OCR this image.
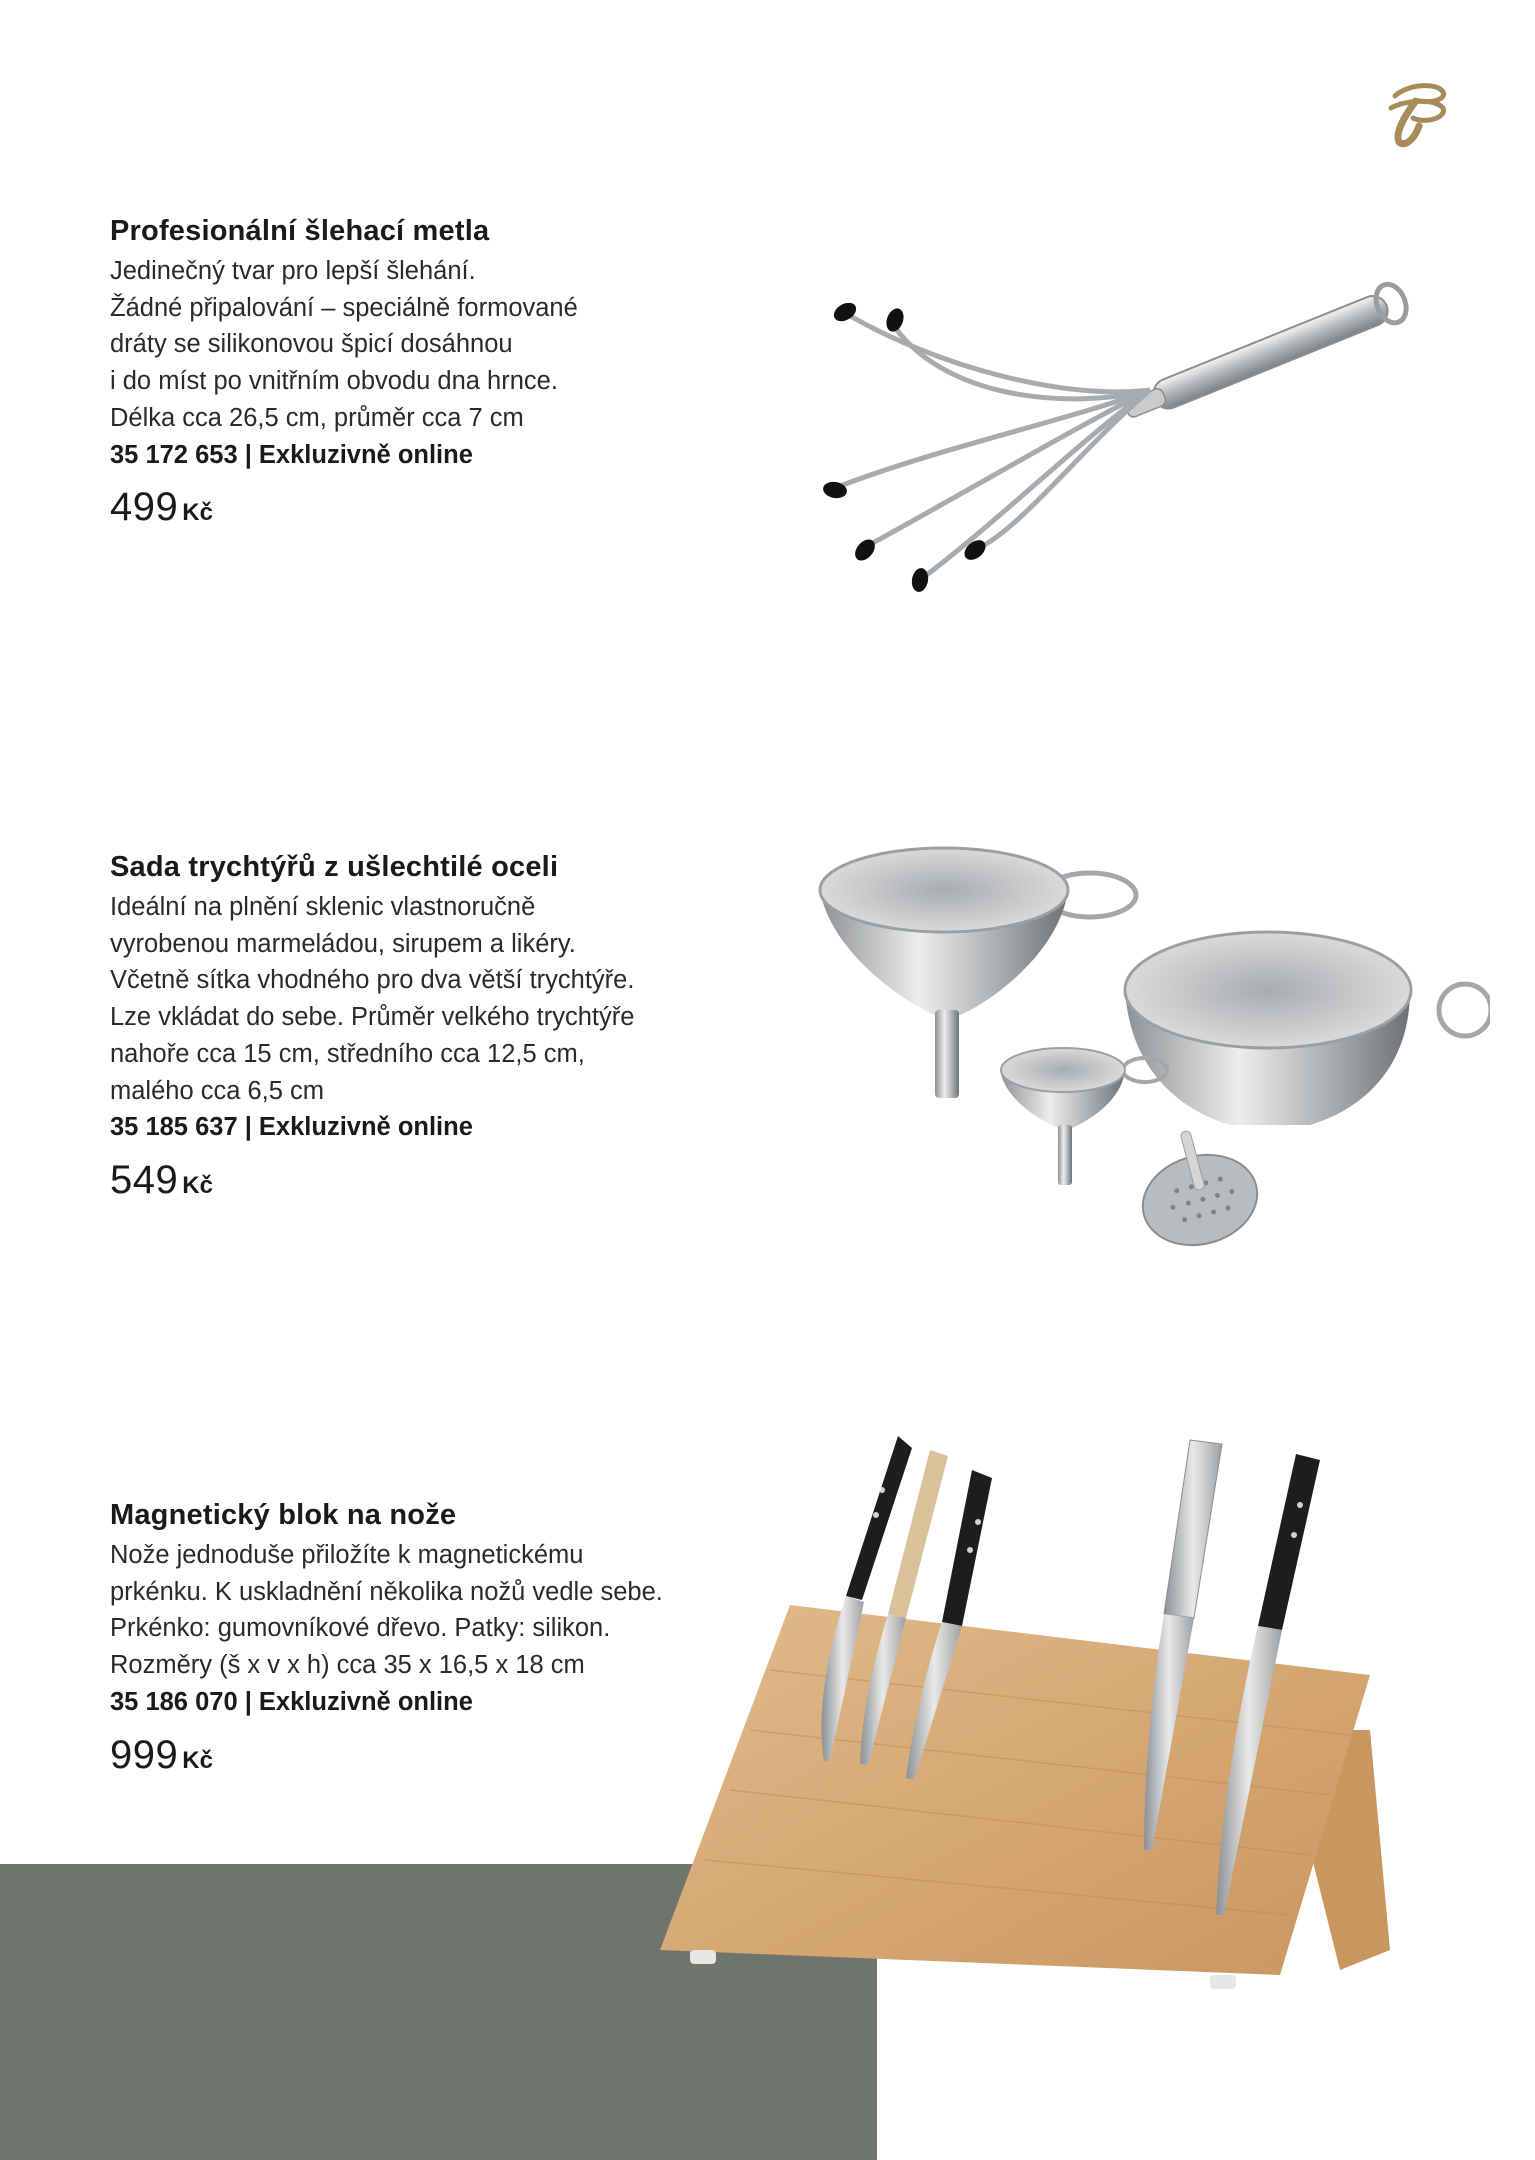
Profesionální šlehací metla
Jedinečný tvar pro lepší šlehání.
Žádné připalování – speciálně formované
dráty se silikonovou špicí dosáhnou
i do míst po vnitřním obvodu dna hrnce.
Délka cca 26,5 cm, průměr cca 7 cm
35 172 653 | Exkluzivně online
499 Kč
Sada trychtýřů z ušlechtilé oceli
Ideální na plnění sklenic vlastnoručně
vyrobenou marmeládou, sirupem a likéry.
Včetně sítka vhodného pro dva větší trychtýře.
Lze vkládat do sebe. Průměr velkého trychtýře
nahoře cca 15 cm, středního cca 12,5 cm,
malého cca 6,5 cm
35 185 637 | Exkluzivně online
549 Kč
Magnetický blok na nože
Nože jednoduše přiložíte k magnetickému
prkénku. K uskladnění několika nožů vedle sebe.
Prkénko: gumovníkové dřevo. Patky: silikon.
Rozměry (š x v x h) cca 35 x 16,5 x 18 cm
35 186 070 | Exkluzivně online
999 Kč
